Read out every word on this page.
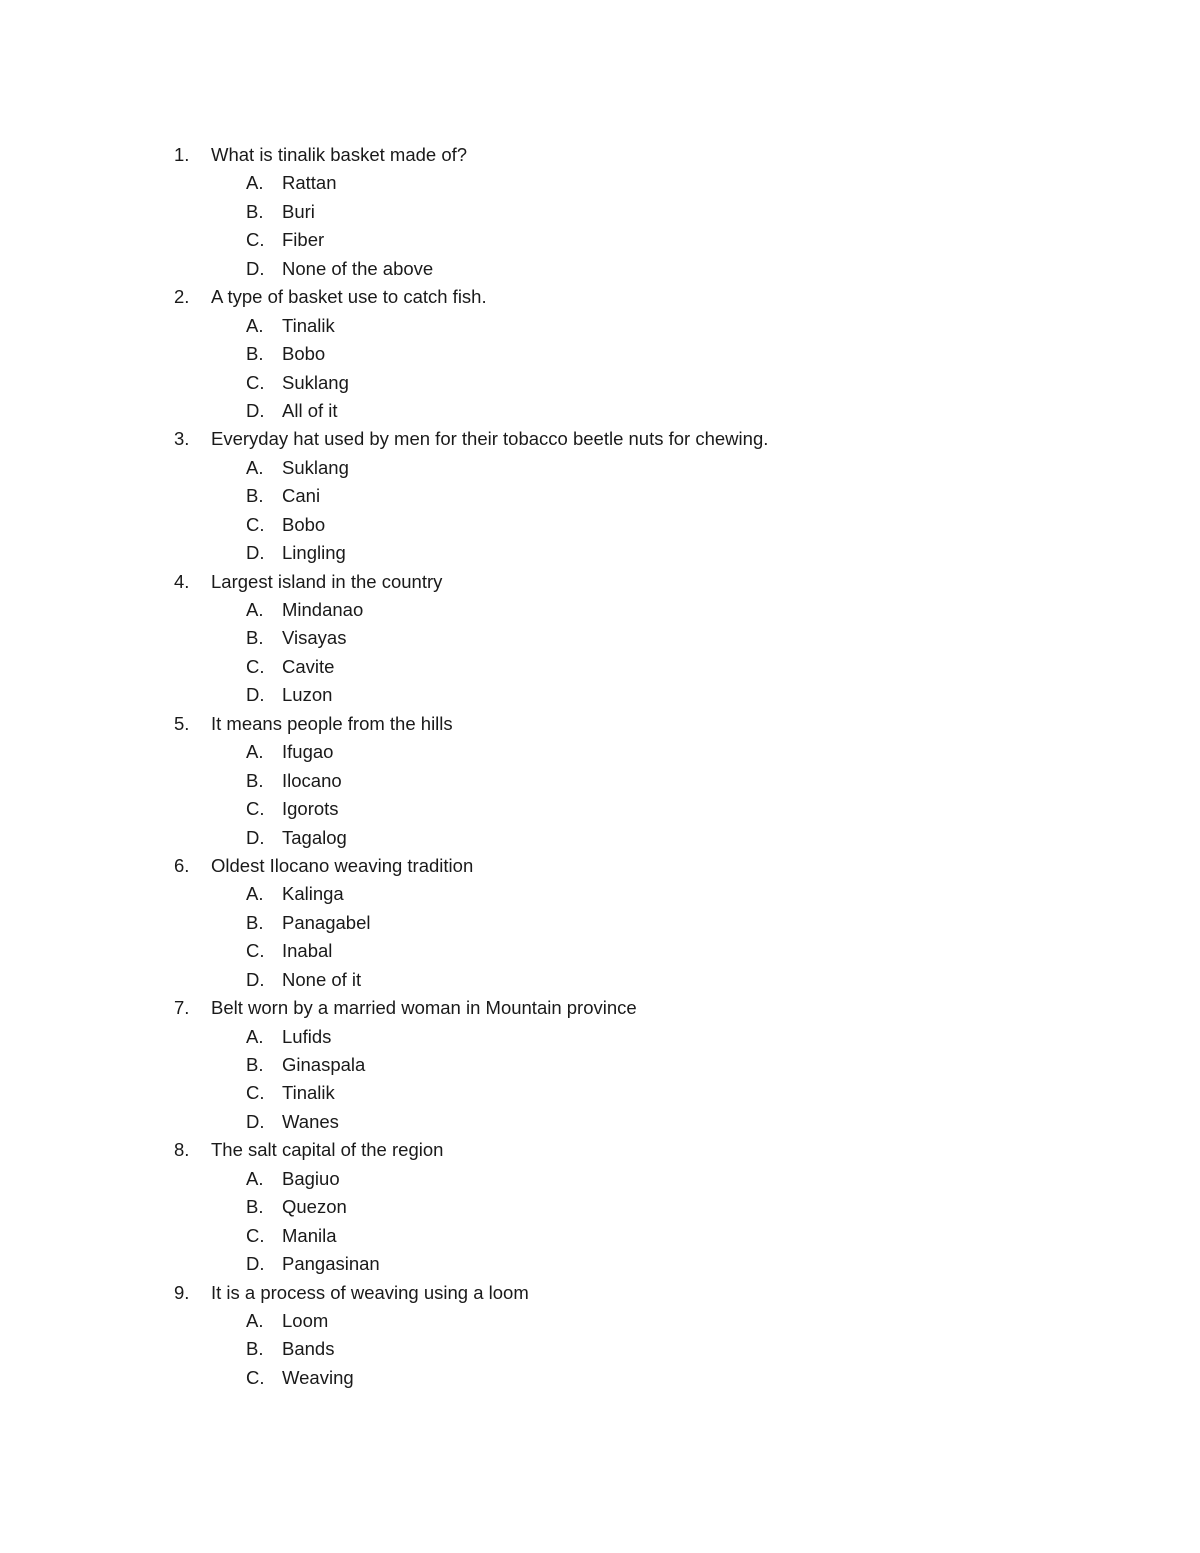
1. What is tinalik basket made of?
A. Rattan
B. Buri
C. Fiber
D. None of the above
2. A type of basket use to catch fish.
A. Tinalik
B. Bobo
C. Suklang
D. All of it
3. Everyday hat used by men for their tobacco beetle nuts for chewing.
A. Suklang
B. Cani
C. Bobo
D. Lingling
4. Largest island in the country
A. Mindanao
B. Visayas
C. Cavite
D. Luzon
5. It means people from the hills
A. Ifugao
B. Ilocano
C. Igorots
D. Tagalog
6. Oldest Ilocano weaving tradition
A. Kalinga
B. Panagabel
C. Inabal
D. None of it
7. Belt worn by a married woman in Mountain province
A. Lufids
B. Ginaspala
C. Tinalik
D. Wanes
8. The salt capital of the region
A. Bagiuo
B. Quezon
C. Manila
D. Pangasinan
9. It is a process of weaving using a loom
A. Loom
B. Bands
C. Weaving
